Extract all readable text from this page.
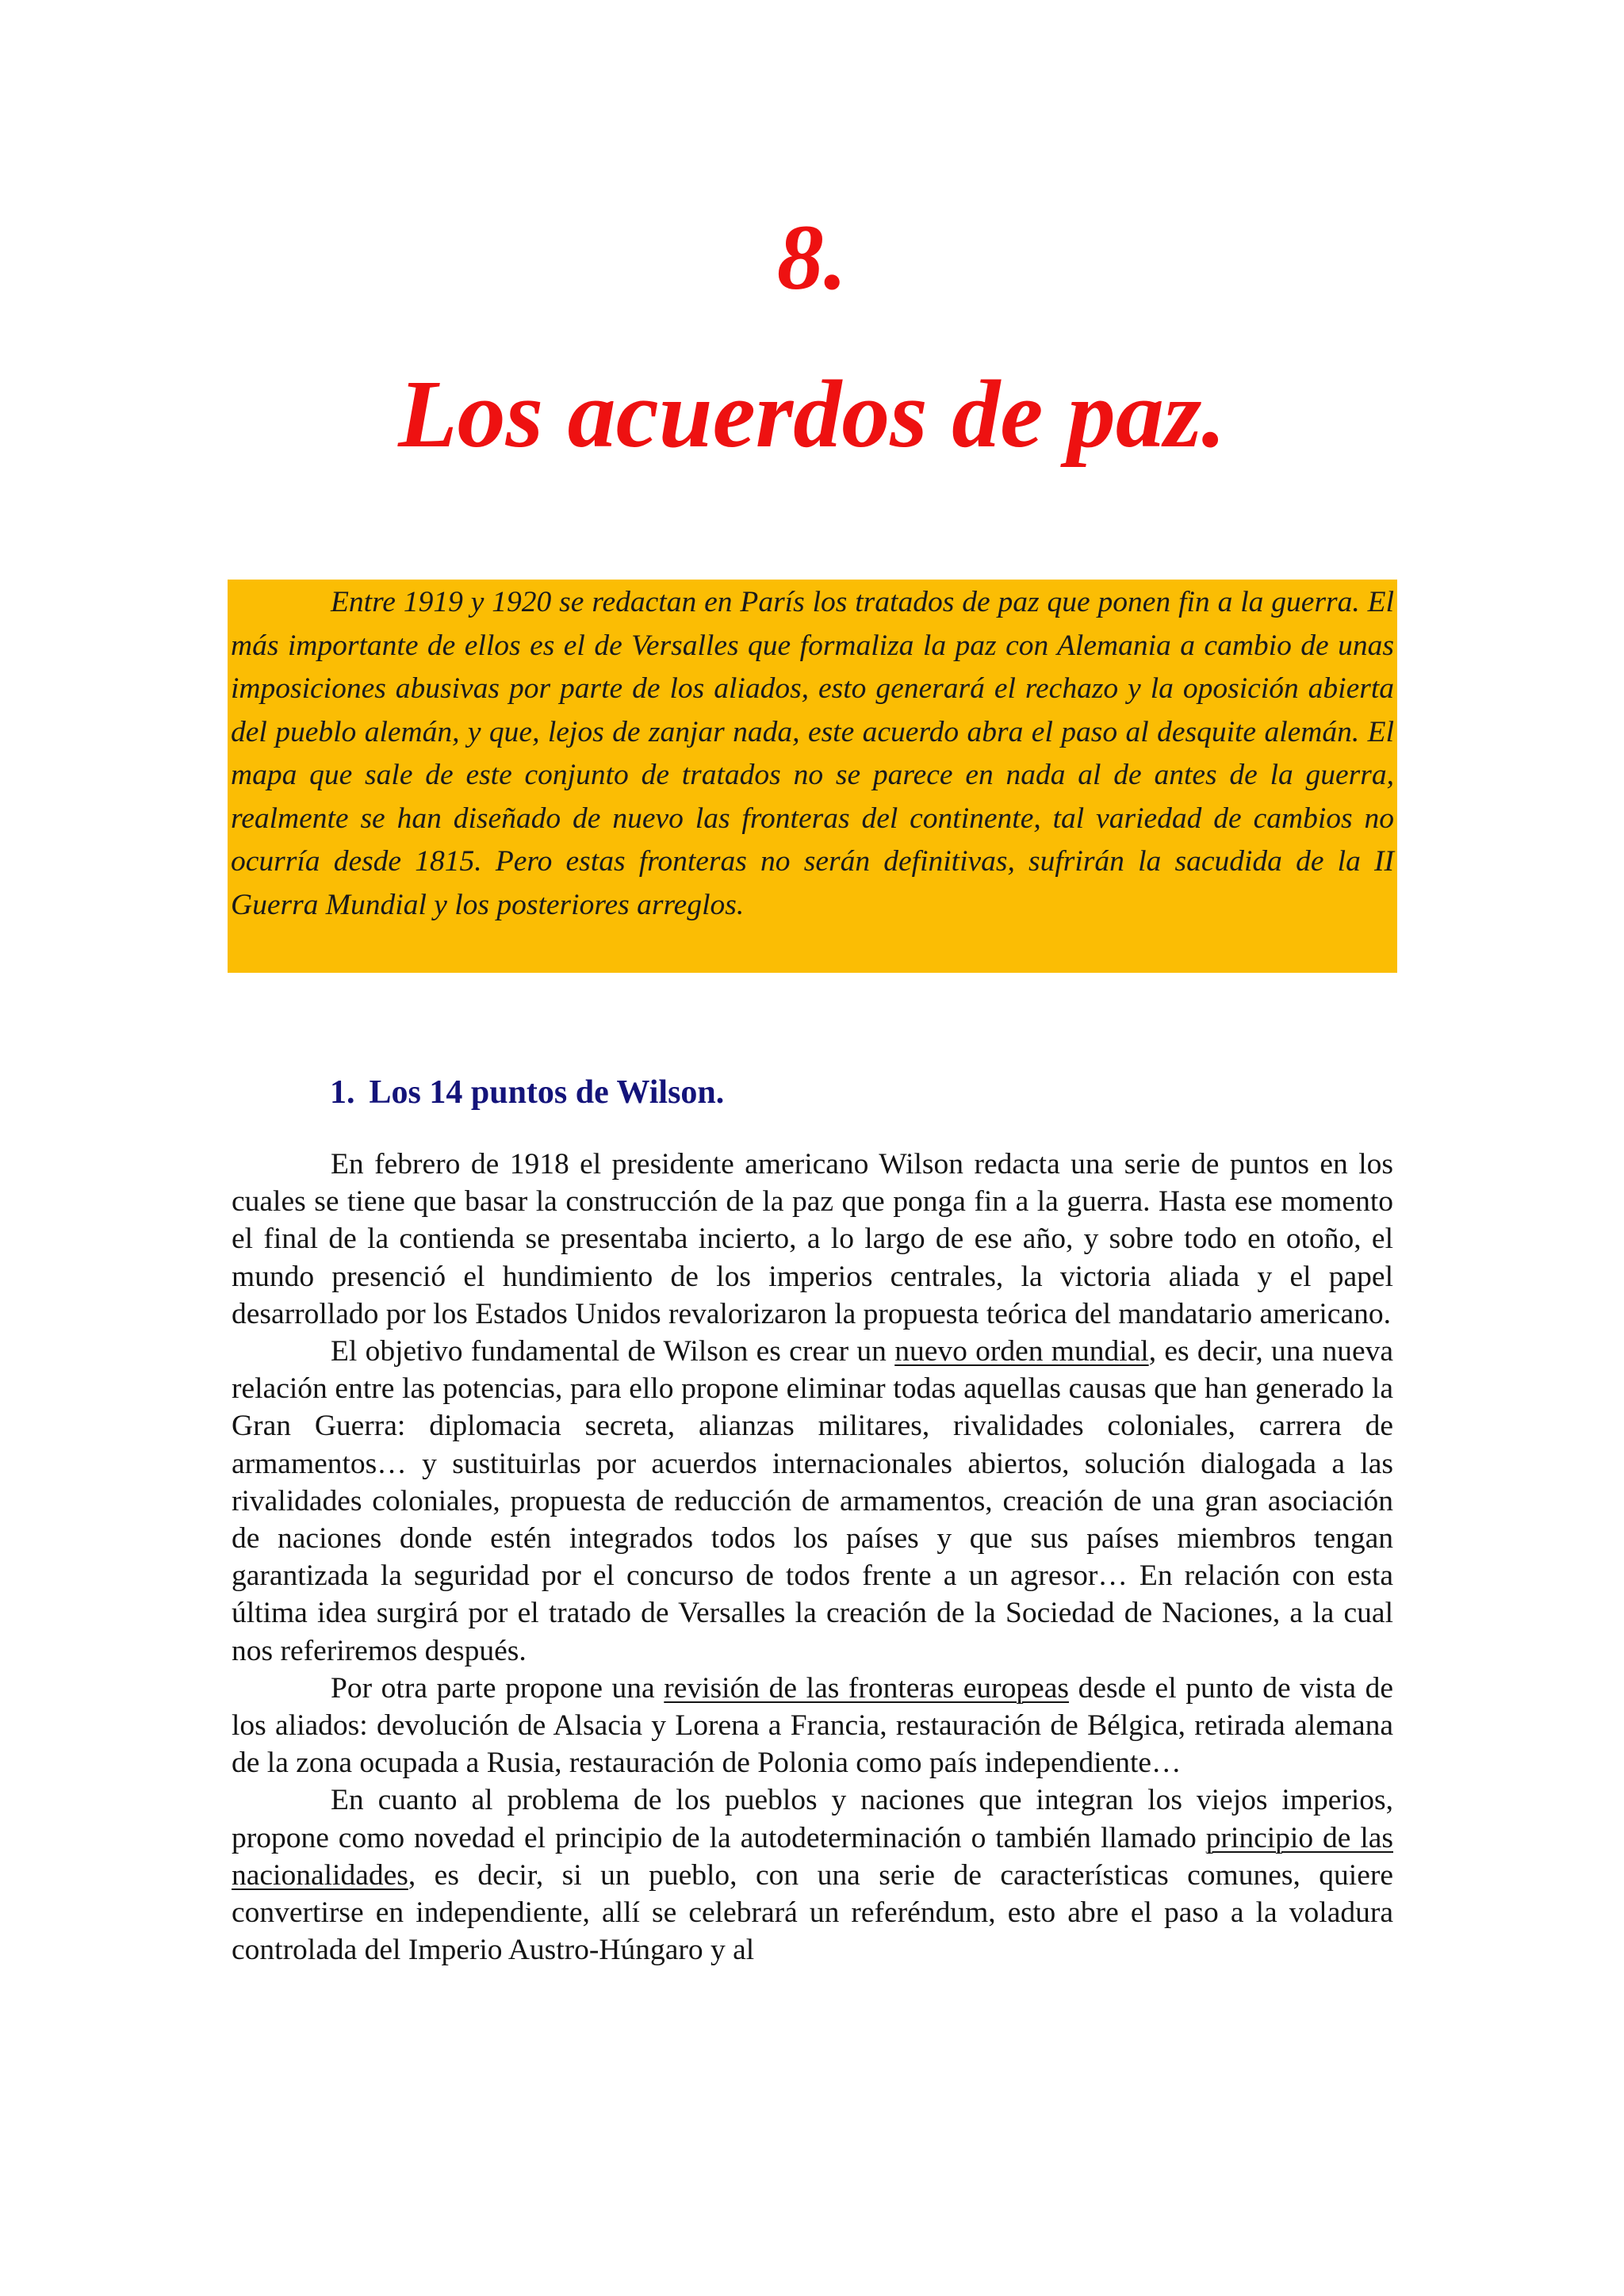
8.
Los acuerdos de paz.

Entre 1919 y 1920 se redactan en París los tratados de paz que ponen fin a la guerra. El más importante de ellos es el de Versalles que formaliza la paz con Alemania a cambio de unas imposiciones abusivas por parte de los aliados, esto generará el rechazo y la oposición abierta del pueblo alemán, y que, lejos de zanjar nada, este acuerdo abra el paso al desquite alemán. El mapa que sale de este conjunto de tratados no se parece en nada al de antes de la guerra, realmente se han diseñado de nuevo las fronteras del continente, tal variedad de cambios no ocurría desde 1815. Pero estas fronteras no serán definitivas, sufrirán la sacudida de la II Guerra Mundial y los posteriores arreglos.

1. Los 14 puntos de Wilson.

En febrero de 1918 el presidente americano Wilson redacta una serie de puntos en los cuales se tiene que basar la construcción de la paz que ponga fin a la guerra. Hasta ese momento el final de la contienda se presentaba incierto, a lo largo de ese año, y sobre todo en otoño, el mundo presenció el hundimiento de los imperios centrales, la victoria aliada y el papel desarrollado por los Estados Unidos revalorizaron la propuesta teórica del mandatario americano.

El objetivo fundamental de Wilson es crear un nuevo orden mundial, es decir, una nueva relación entre las potencias, para ello propone eliminar todas aquellas causas que han generado la Gran Guerra: diplomacia secreta, alianzas militares, rivalidades coloniales, carrera de armamentos… y sustituirlas por acuerdos internacionales abiertos, solución dialogada a las rivalidades coloniales, propuesta de reducción de armamentos, creación de una gran asociación de naciones donde estén integrados todos los países y que sus países miembros tengan garantizada la seguridad por el concurso de todos frente a un agresor… En relación con esta última idea surgirá por el tratado de Versalles la creación de la Sociedad de Naciones, a la cual nos referiremos después.

Por otra parte propone una revisión de las fronteras europeas desde el punto de vista de los aliados: devolución de Alsacia y Lorena a Francia, restauración de Bélgica, retirada alemana de la zona ocupada a Rusia, restauración de Polonia como país independiente…

En cuanto al problema de los pueblos y naciones que integran los viejos imperios, propone como novedad el principio de la autodeterminación o también llamado principio de las nacionalidades, es decir, si un pueblo, con una serie de características comunes, quiere convertirse en independiente, allí se celebrará un referéndum, esto abre el paso a la voladura controlada del Imperio Austro-Húngaro y al
